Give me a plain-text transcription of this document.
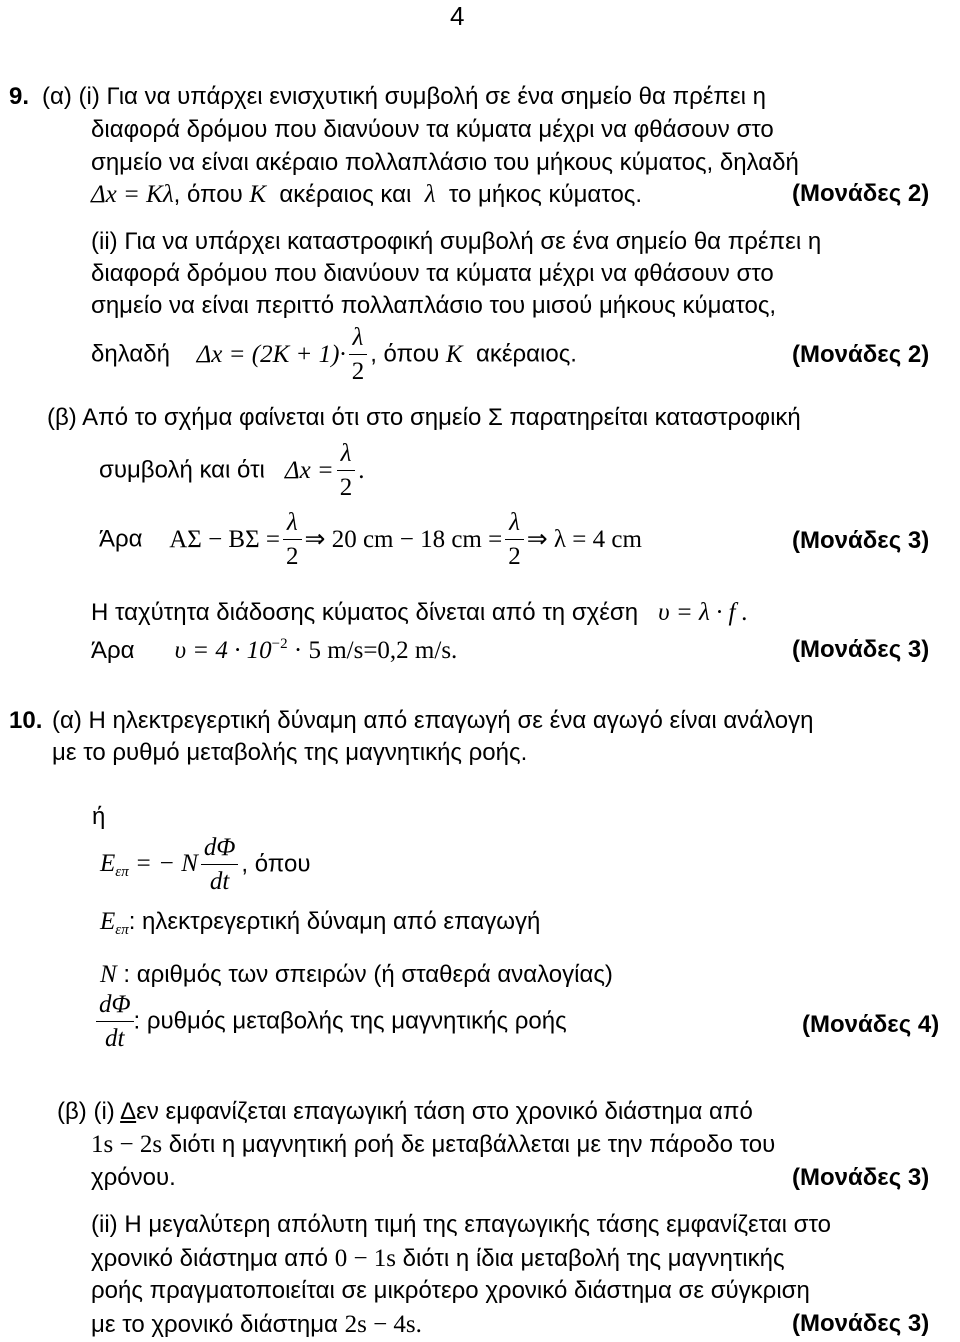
4
9. (α) (i) Για να υπάρχει ενισχυτική συμβολή σε ένα σημείο θα πρέπει η
διαφορά δρόμου που διανύουν τα κύματα μέχρι να φθάσουν στο
σημείο να είναι ακέραιο πολλαπλάσιο του μήκους κύματος, δηλαδή
Δx = Kλ, όπου K ακέραιος και λ το μήκος κύματος.	(Μονάδες 2)
(ii) Για να υπάρχει καταστροφική συμβολή σε ένα σημείο θα πρέπει η
διαφορά δρόμου που διανύουν τα κύματα μέχρι να φθάσουν στο
σημείο να είναι περιττό πολλαπλάσιο του μισού μήκους κύματος,
δηλαδή $\Delta x = (2K + 1)\cdot \frac{\lambda}{2}$ , όπου K ακέραιος.	(Μονάδες 2)
(β) Από το σχήμα φαίνεται ότι στο σημείο Σ παρατηρείται καταστροφική
συμβολή και ότι $\Delta x = \frac{\lambda}{2}$ .
Άρα $A\Sigma - B\Sigma = \frac{\lambda}{2}$ ⇒ 20 cm − 18 cm = $\frac{\lambda}{2}$ ⇒ λ = 4 cm	(Μονάδες 3)
Η ταχύτητα διάδοσης κύματος δίνεται από τη σχέση υ = λ · f .
Άρα $\upsilon = 4 \cdot 10^{-2} \cdot 5$ m/s=0,2 m/s.	(Μονάδες 3)
10. (α) Η ηλεκτρεγερτική δύναμη από επαγωγή σε ένα αγωγό είναι ανάλογη
με το ρυθμό μεταβολής της μαγνητικής ροής.
ή
$E_{\varepsilon\pi}$ = − N $\frac{d\Phi}{dt}$ , όπου
$E_{\varepsilon\pi}$: ηλεκτρεγερτική δύναμη από επαγωγή
N : αριθμός των σπειρών (ή σταθερά αναλογίας)
$\frac{d\Phi}{dt}$ : ρυθμός μεταβολής της μαγνητικής ροής	(Μονάδες 4)
(β) (i) Δεν εμφανίζεται επαγωγική τάση στο χρονικό διάστημα από
1s − 2s διότι η μαγνητική ροή δε μεταβάλλεται με την πάροδο του
χρόνου.	(Μονάδες 3)
(ii) Η μεγαλύτερη απόλυτη τιμή της επαγωγικής τάσης εμφανίζεται στο
χρονικό διάστημα από 0 − 1s διότι η ίδια μεταβολή της μαγνητικής
ροής πραγματοποιείται σε μικρότερο χρονικό διάστημα σε σύγκριση
με το χρονικό διάστημα 2s − 4s.	(Μονάδες 3)
